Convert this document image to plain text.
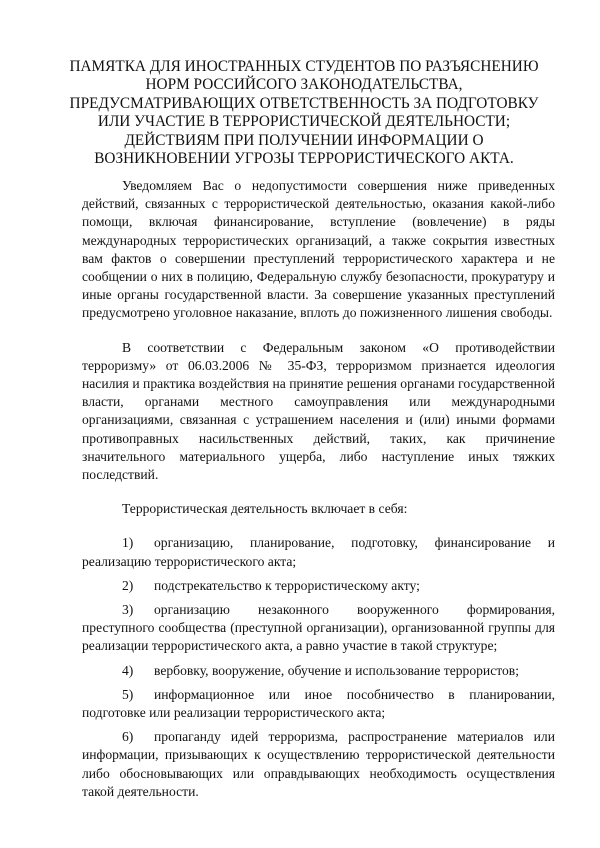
ПАМЯТКА ДЛЯ ИНОСТРАННЫХ СТУДЕНТОВ ПО РАЗЪЯСНЕНИЮ НОРМ РОССИЙСОГО ЗАКОНОДАТЕЛЬСТВА, ПРЕДУСМАТРИВАЮЩИХ ОТВЕТСТВЕННОСТЬ ЗА ПОДГОТОВКУ ИЛИ УЧАСТИЕ В ТЕРРОРИСТИЧЕСКОЙ ДЕЯТЕЛЬНОСТИ; ДЕЙСТВИЯМ ПРИ ПОЛУЧЕНИИ ИНФОРМАЦИИ О ВОЗНИКНОВЕНИИ УГРОЗЫ ТЕРРОРИСТИЧЕСКОГО АКТА.

Уведомляем Вас о недопустимости совершения ниже приведенных действий, связанных с террористической деятельностью, оказания какой-либо помощи, включая финансирование, вступление (вовлечение) в ряды международных террористических организаций, а также сокрытия известных вам фактов о совершении преступлений террористического характера и не сообщении о них в полицию, Федеральную службу безопасности, прокуратуру и иные органы государственной власти. За совершение указанных преступлений предусмотрено уголовное наказание, вплоть до пожизненного лишения свободы.

В соответствии с Федеральным законом «О противодействии терроризму» от 06.03.2006 № 35-ФЗ, терроризмом признается идеология насилия и практика воздействия на принятие решения органами государственной власти, органами местного самоуправления или международными организациями, связанная с устрашением населения и (или) иными формами противоправных насильственных действий, таких, как причинение значительного материального ущерба, либо наступление иных тяжких последствий.

Террористическая деятельность включает в себя:

1) организацию, планирование, подготовку, финансирование и реализацию террористического акта;
2) подстрекательство к террористическому акту;
3) организацию незаконного вооруженного формирования, преступного сообщества (преступной организации), организованной группы для реализации террористического акта, а равно участие в такой структуре;
4) вербовку, вооружение, обучение и использование террористов;
5) информационное или иное пособничество в планировании, подготовке или реализации террористического акта;
6) пропаганду идей терроризма, распространение материалов или информации, призывающих к осуществлению террористической деятельности либо обосновывающих или оправдывающих необходимость осуществления такой деятельности.
